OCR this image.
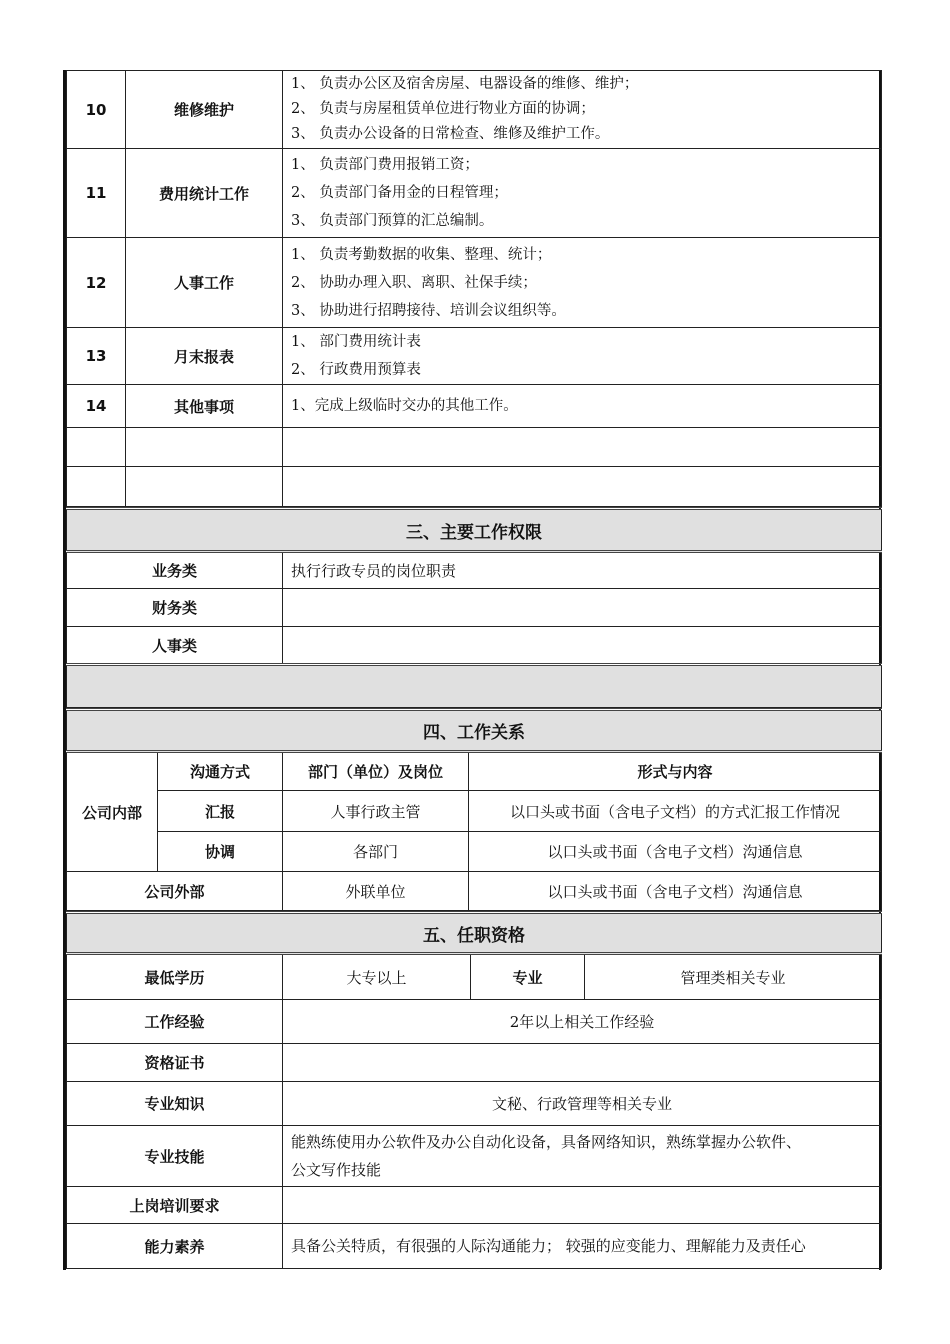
10	维修维护	1、 负责办公区及宿舍房屋、电器设备的维修、维护；
2、 负责与房屋租赁单位进行物业方面的协调；
3、 负责办公设备的日常检查、维修及维护工作。

11	费用统计工作	1、 负责部门费用报销工资；
2、 负责部门备用金的日程管理；
3、 负责部门预算的汇总编制。

12	人事工作	1、 负责考勤数据的收集、整理、统计；
2、 协助办理入职、离职、社保手续；
3、 协助进行招聘接待、培训会议组织等。

13	月末报表	1、 部门费用统计表
2、 行政费用预算表

14	其他事项	1、完成上级临时交办的其他工作。

三、主要工作权限	
业务类	执行行政专员的岗位职责
财务类	
人事类	

四、工作关系			
公司内部	沟通方式	部门（单位）及岗位	形式与内容
	汇报	人事行政主管	以口头或书面（含电子文档）的方式汇报工作情况
	协调	各部门	以口头或书面（含电子文档）沟通信息
公司外部		外联单位	以口头或书面（含电子文档）沟通信息
五、任职资格			
最低学历	大专以上	专业	管理类相关专业
工作经验	2年以上相关工作经验		
资格证书			
专业知识	文秘、行政管理等相关专业		
专业技能	能熟练使用办公软件及办公自动化设备，具备网络知识，熟练掌握办公软件、
公文写作技能		

上岗培训要求			
能力素养	具备公关特质，有很强的人际沟通能力； 较强的应变能力、理解能力及责任心		
